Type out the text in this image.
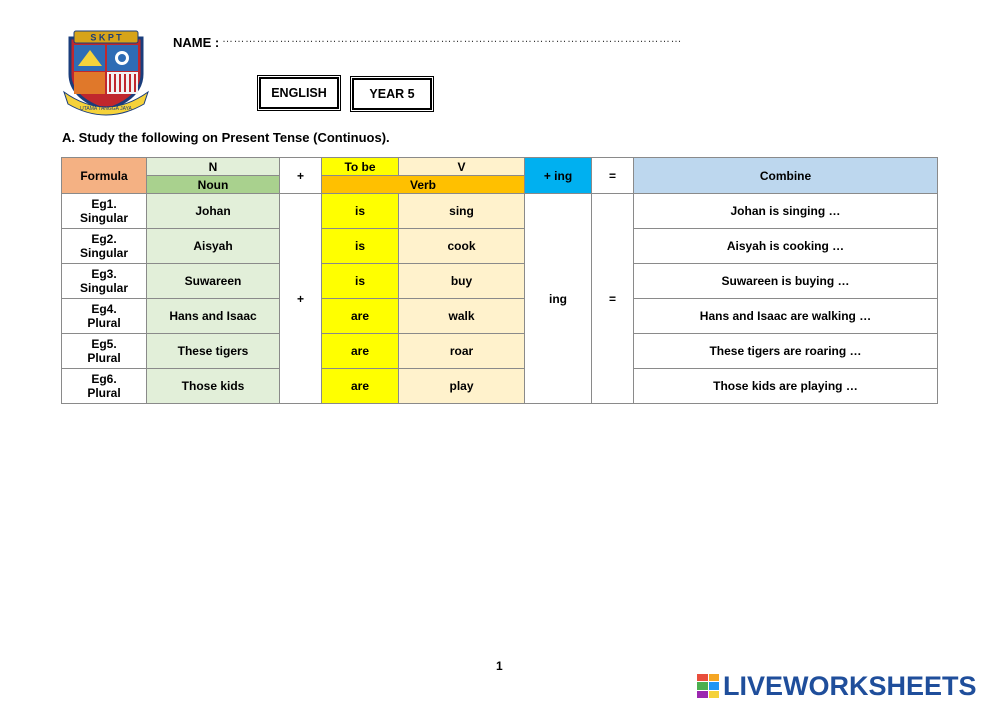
S K P T
UTAMA TANGGA JAYA
NAME : …………………………………………………………………………………………………………
ENGLISH	YEAR 5
A. Study the following on Present Tense (Continuos).
Formula	N	+	To be	V	+ ing	=	Combine
	Noun		Verb				
Eg1.
Singular	Johan	+	is	sing	ing	=	Johan is singing …
Eg2.
Singular	Aisyah		is	cook			Aisyah is cooking …
Eg3.
Singular	Suwareen		is	buy			Suwareen is buying …
Eg4.
Plural	Hans and Isaac		are	walk			Hans and Isaac are walking …
Eg5.
Plural	These tigers		are	roar			These tigers are roaring …
Eg6.
Plural	Those kids		are	play			Those kids are playing …
1
LIVEWORKSHEETS
